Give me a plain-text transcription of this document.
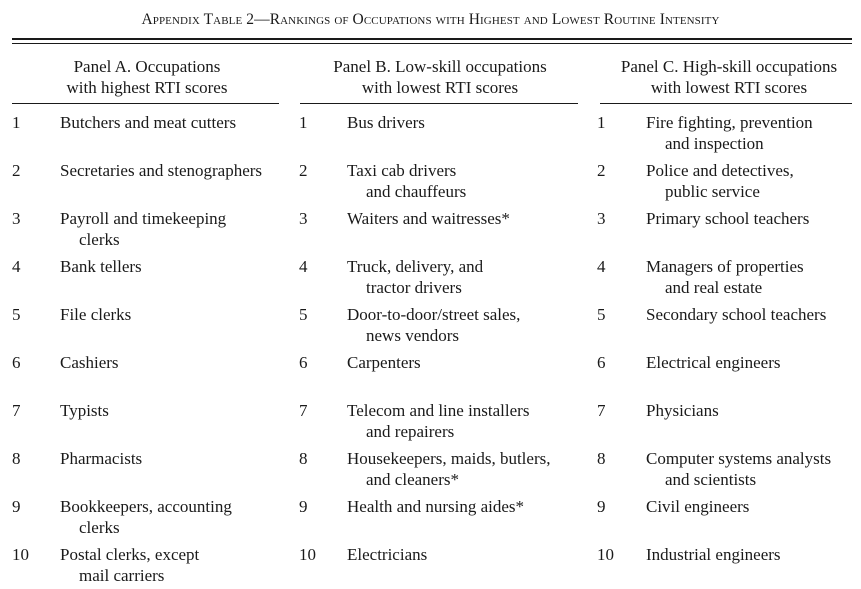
Appendix Table 2—Rankings of Occupations with Highest and Lowest Routine Intensity
Panel A. Occupations
with highest RTI scores
Panel B. Low-skill occupations
with lowest RTI scores
Panel C. High-skill occupations
with lowest RTI scores
1 Butchers and meat cutters
2 Secretaries and stenographers
3 Payroll and timekeeping
clerks
4 Bank tellers
5 File clerks
6 Cashiers
7 Typists
8 Pharmacists
9 Bookkeepers, accounting
clerks
10 Postal clerks, except
mail carriers
1 Bus drivers
2 Taxi cab drivers
and chauffeurs
3 Waiters and waitresses*
4 Truck, delivery, and
tractor drivers
5 Door-to-door/street sales,
news vendors
6 Carpenters
7 Telecom and line installers
and repairers
8 Housekeepers, maids, butlers,
and cleaners*
9 Health and nursing aides*
10 Electricians
1 Fire fighting, prevention
and inspection
2 Police and detectives,
public service
3 Primary school teachers
4 Managers of properties
and real estate
5 Secondary school teachers
6 Electrical engineers
7 Physicians
8 Computer systems analysts
and scientists
9 Civil engineers
10 Industrial engineers
